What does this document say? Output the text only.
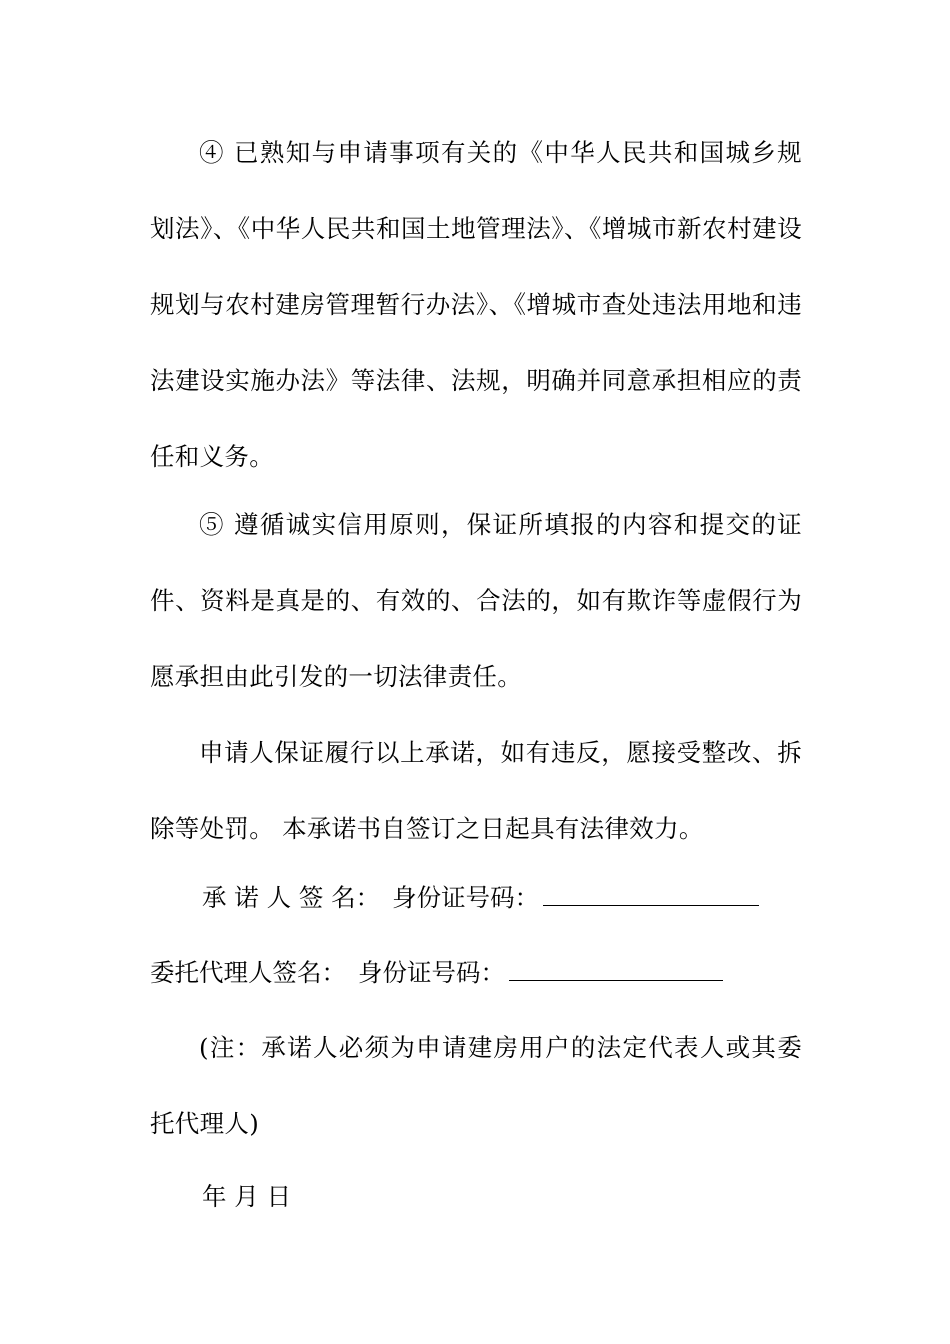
④ 已熟知与申请事项有关的《中华人民共和国城乡规划法》、《中华人民共和国土地管理法》、《增城市新农村建设规划与农村建房管理暂行办法》、《增城市查处违法用地和违法建设实施办法》等法律、法规，明确并同意承担相应的责任和义务。

⑤ 遵循诚实信用原则，保证所填报的内容和提交的证件、资料是真是的、有效的、合法的，如有欺诈等虚假行为愿承担由此引发的一切法律责任。

申请人保证履行以上承诺，如有违反，愿接受整改、拆除等处罚。 本承诺书自签订之日起具有法律效力。

承 诺 人 签 名： 身份证号码：
委托代理人签名： 身份证号码：

(注：承诺人必须为申请建房用户的法定代表人或其委托代理人)

年 月 日
